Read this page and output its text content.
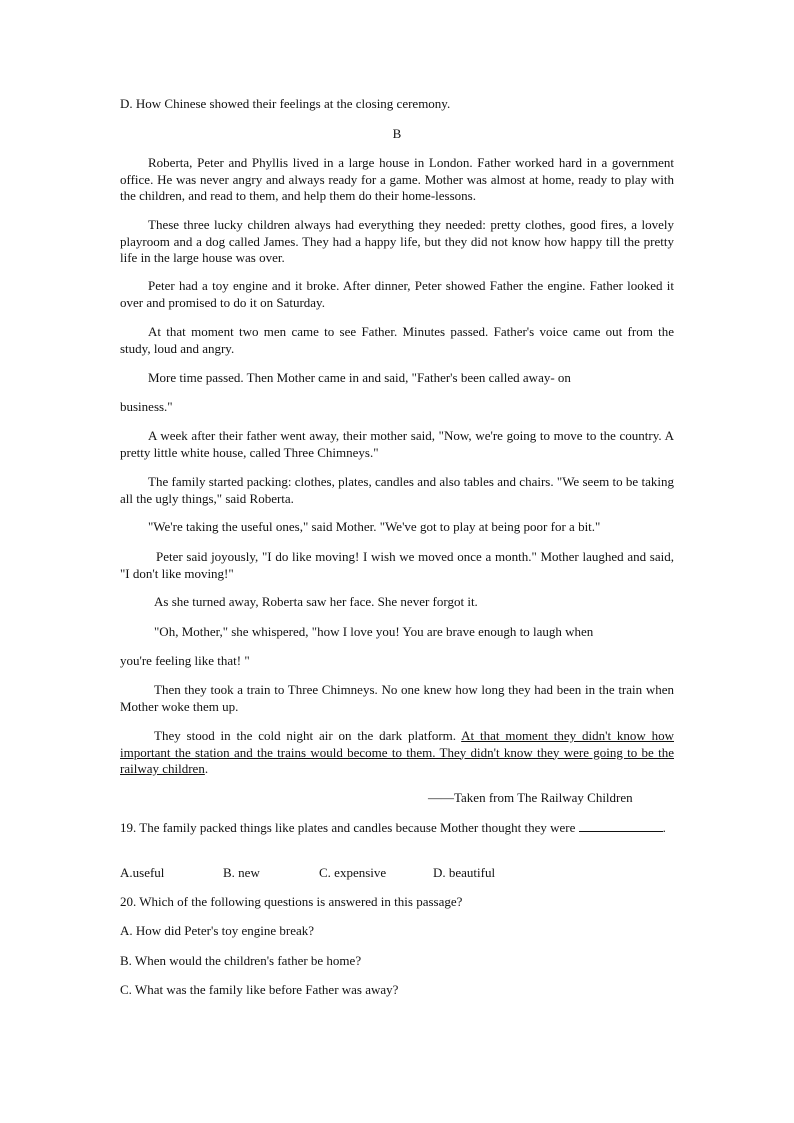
D. How Chinese showed their feelings at the closing ceremony.
B
Roberta, Peter and Phyllis lived in a large house in London. Father worked hard in a government office. He was never angry and always ready for a game. Mother was almost at home, ready to play with the children, and read to them, and help them do their home-lessons.
These three lucky children always had everything they needed: pretty clothes, good fires, a lovely playroom and a dog called James. They had a happy life, but they did not know how happy till the pretty life in the large house was over.
Peter had a toy engine and it broke. After dinner, Peter showed Father the engine. Father looked it over and promised to do it on Saturday.
At that moment two men came to see Father. Minutes passed. Father's voice came out from the study, loud and angry.
More time passed. Then Mother came in and said, "Father's been called away- on
business."
A week after their father went away, their mother said, "Now, we're going to move to the country. A pretty little white house, called Three Chimneys."
The family started packing: clothes, plates, candles and also tables and chairs. "We seem to be taking all the ugly things," said Roberta.
"We're taking the useful ones," said Mother. "We've got to play at being poor for a bit."
Peter said joyously, "I do like moving! I wish we moved once a month." Mother laughed and said, "I don't like moving!"
As she turned away, Roberta saw her face. She never forgot it.
"Oh, Mother," she whispered, "how I love you! You are brave enough to laugh when
you're feeling like that! "
Then they took a train to Three Chimneys. No one knew how long they had been in the train when Mother woke them up.
They stood in the cold night air on the dark platform. At that moment they didn't know how important the station and the trains would become to them. They didn't know they were going to be the railway children.
——Taken from The Railway Children
19. The family packed things like plates and candles because Mother thought they were	.
A.useful	B. new	C. expensive	D. beautiful
20. Which of the following questions is answered in this passage?
A. How did Peter's toy engine break?
B. When would the children's father be home?
C. What was the family like before Father was away?
